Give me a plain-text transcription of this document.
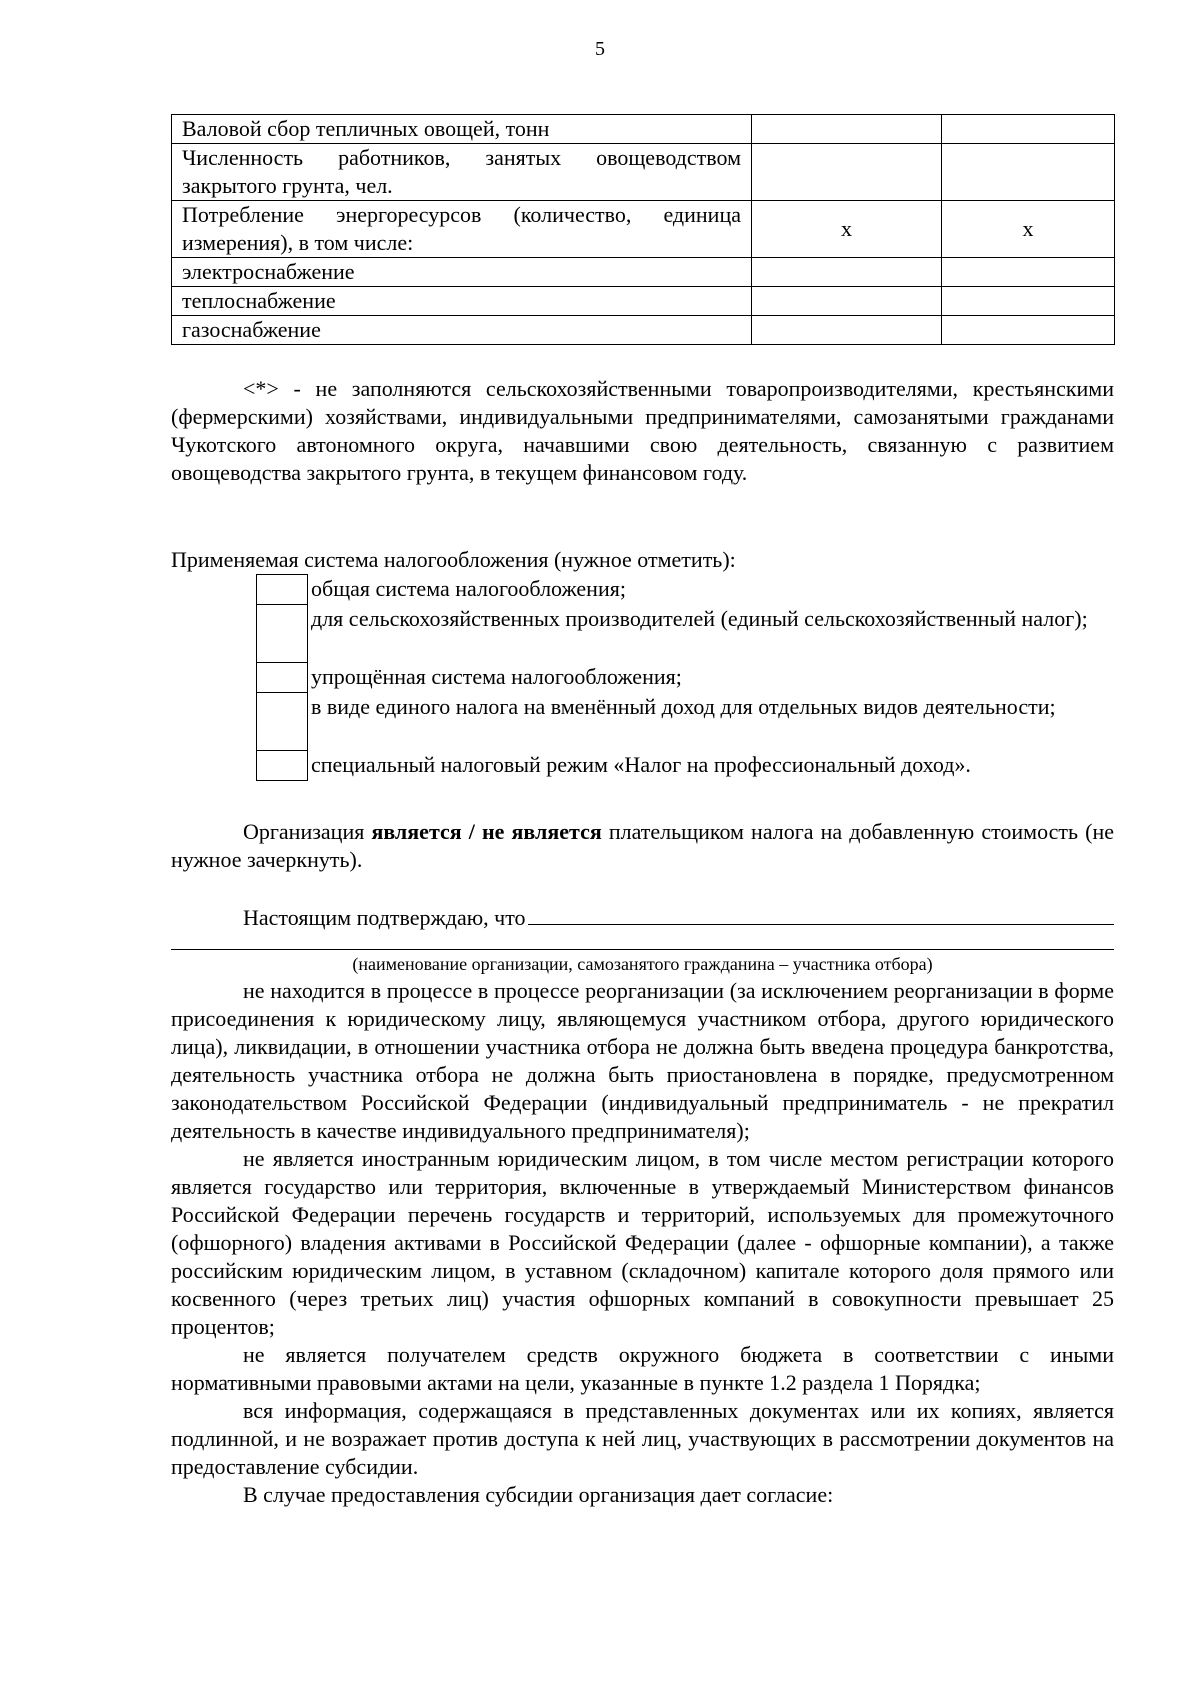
5
Валовой сбор тепличных овощей, тонн		
Численность работников, занятых овощеводством закрытого грунта, чел.		
Потребление энергоресурсов (количество, единица измерения), в том числе:	х	х
электроснабжение		
теплоснабжение		
газоснабжение		

<*> - не заполняются сельскохозяйственными товаропроизводителями, крестьянскими (фермерскими) хозяйствами, индивидуальными предпринимателями, самозанятыми гражданами Чукотского автономного округа, начавшими свою деятельность, связанную с развитием овощеводства закрытого грунта, в текущем финансовом году.

Применяемая система налогообложения (нужное отметить):

	общая система налогообложения;
	для сельскохозяйственных производителей (единый сельскохозяйственный налог);
	упрощённая система налогообложения;
	в виде единого налога на вменённый доход для отдельных видов деятельности;
	специальный налоговый режим «Налог на профессиональный доход».

Организация является / не является плательщиком налога на добавленную стоимость (не нужное зачеркнуть).

Настоящим подтверждаю, что
(наименование организации, самозанятого гражданина – участника отбора)

не находится в процессе в процессе реорганизации (за исключением реорганизации в форме присоединения к юридическому лицу, являющемуся участником отбора, другого юридического лица), ликвидации, в отношении участника отбора не должна быть введена процедура банкротства, деятельность участника отбора не должна быть приостановлена в порядке, предусмотренном законодательством Российской Федерации (индивидуальный предприниматель - не прекратил деятельность в качестве индивидуального предпринимателя);

не является иностранным юридическим лицом, в том числе местом регистрации которого является государство или территория, включенные в утверждаемый Министерством финансов Российской Федерации перечень государств и территорий, используемых для промежуточного (офшорного) владения активами в Российской Федерации (далее - офшорные компании), а также российским юридическим лицом, в уставном (складочном) капитале которого доля прямого или косвенного (через третьих лиц) участия офшорных компаний в совокупности превышает 25 процентов;

не является получателем средств окружного бюджета в соответствии с иными нормативными правовыми актами на цели, указанные в пункте 1.2 раздела 1 Порядка;

вся информация, содержащаяся в представленных документах или их копиях, является подлинной, и не возражает против доступа к ней лиц, участвующих в рассмотрении документов на предоставление субсидии.

В случае предоставления субсидии организация дает согласие:
